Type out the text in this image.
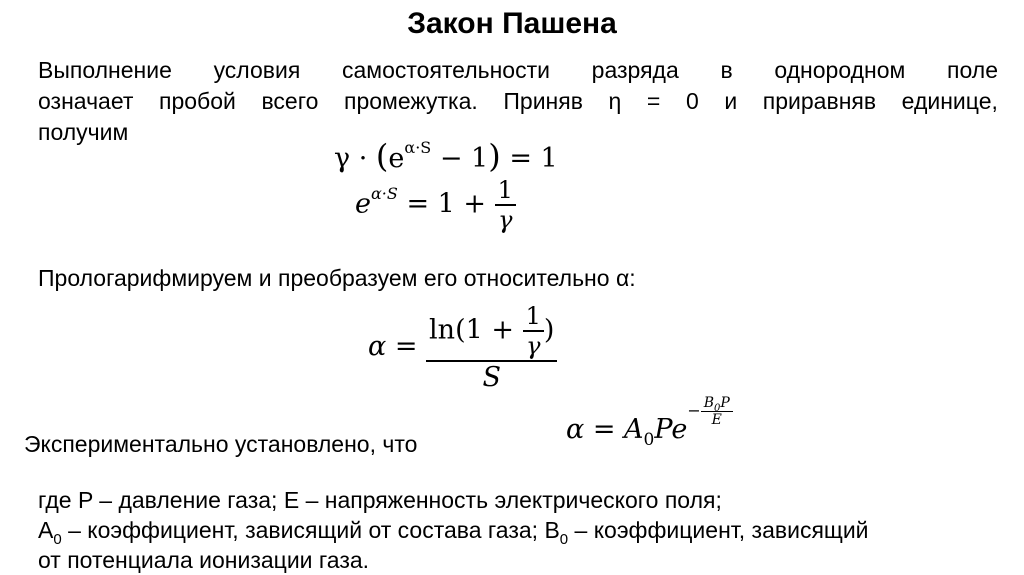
Закон Пашена
Выполнение условия самостоятельности разряда в однородном поле
означает пробой всего промежутка. Приняв η = 0 и приравняв единице,
получим
$\gamma \cdot (e^{\alpha\cdot S} - 1) = 1$
$e^{\alpha\cdot S} = 1 + \frac{1}{\gamma}$
Прологарифмируем и преобразуем его относительно α:
$\alpha = \frac{\ln(1 + \frac{1}{\gamma} )}{S}$
Экспериментально установлено, что	$\alpha = A_0Pe^{- \frac{B_0P}{E}}$
где P – давление газа; E – напряженность электрического поля;
$A_0$ – коэффициент, зависящий от состава газа; $B_0$ – коэффициент, зависящий
от потенциала ионизации газа.
